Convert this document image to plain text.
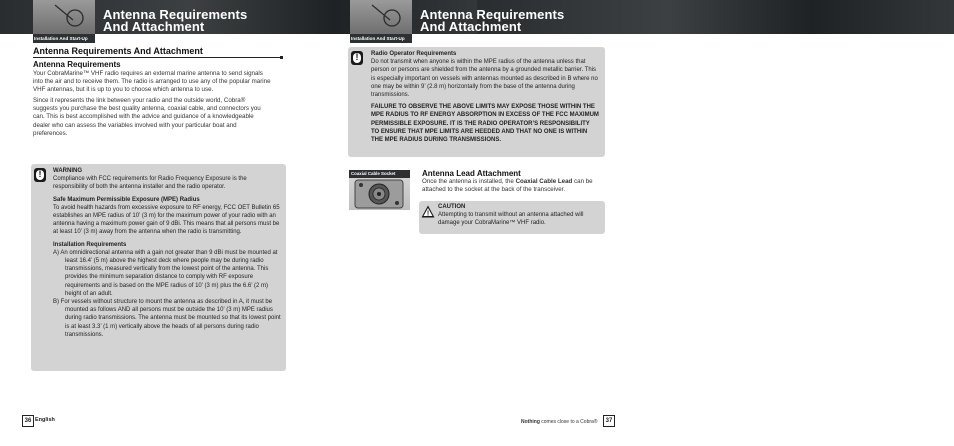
Installation And Start-Up
Antenna Requirements
And Attachment
Antenna Requirements And Attachment
Antenna Requirements

Your CobraMarine™ VHF radio requires an external marine antenna to send signals into the air and to receive them. The radio is arranged to use any of the popular marine VHF antennas, but it is up to you to choose which antenna to use.

Since it represents the link between your radio and the outside world, Cobra® suggests you purchase the best quality antenna, coaxial cable, and connectors you can. This is best accomplished with the advice and guidance of a knowledgeable dealer who can assess the variables involved with your particular boat and preferences.

!

WARNING

Compliance with FCC requirements for Radio Frequency Exposure is the responsibility of both the antenna installer and the radio operator.

Safe Maximum Permissible Exposure (MPE) Radius

To avoid health hazards from excessive exposure to RF energy, FCC OET Bulletin 65 establishes an MPE radius of 10’ (3 m) for the maximum power of your radio with an antenna having a maximum power gain of 9 dBi. This means that all persons must be at least 10’ (3 m) away from the antenna when the radio is transmitting.

Installation Requirements

A) An omnidirectional antenna with a gain not greater than 9 dBi must be mounted at least 16.4’ (5 m) above the highest deck where people may be during radio transmissions, measured vertically from the lowest point of the antenna. This provides the minimum separation distance to comply with RF exposure requirements and is based on the MPE radius of 10’ (3 m) plus the 6.6’ (2 m) height of an adult.

B) For vessels without structure to mount the antenna as described in A, it must be mounted as follows AND all persons must be outside the 10’ (3 m) MPE radius during radio transmissions. The antenna must be mounted so that its lowest point is at least 3.3’ (1 m) vertically above the heads of all persons during radio transmissions.

36 English
Installation And Start-Up
Antenna Requirements
And Attachment
!

Radio Operator Requirements

Do not transmit when anyone is within the MPE radius of the antenna unless that person or persons are shielded from the antenna by a grounded metallic barrier. This is especially important on vessels with antennas mounted as described in B where no one may be within 9’ (2.8 m) horizontally from the base of the antenna during transmissions.

FAILURE TO OBSERVE THE ABOVE LIMITS MAY EXPOSE THOSE WITHIN THE MPE RADIUS TO RF ENERGY ABSORPTION IN EXCESS OF THE FCC MAXIMUM PERMISSIBLE EXPOSURE. IT IS THE RADIO OPERATOR’S RESPONSIBILITY TO ENSURE THAT MPE LIMITS ARE HEEDED AND THAT NO ONE IS WITHIN THE MPE RADIUS DURING TRANSMISSIONS.

Coaxial Cable Socket	Antenna Lead Attachment
Once the antenna is installed, the Coaxial Cable Lead can be attached to the socket at the back of the transceiver.
!

CAUTION

Attempting to transmit without an antenna attached will damage your CobraMarine™ VHF radio.

Nothing comes close to a Cobra®	37
